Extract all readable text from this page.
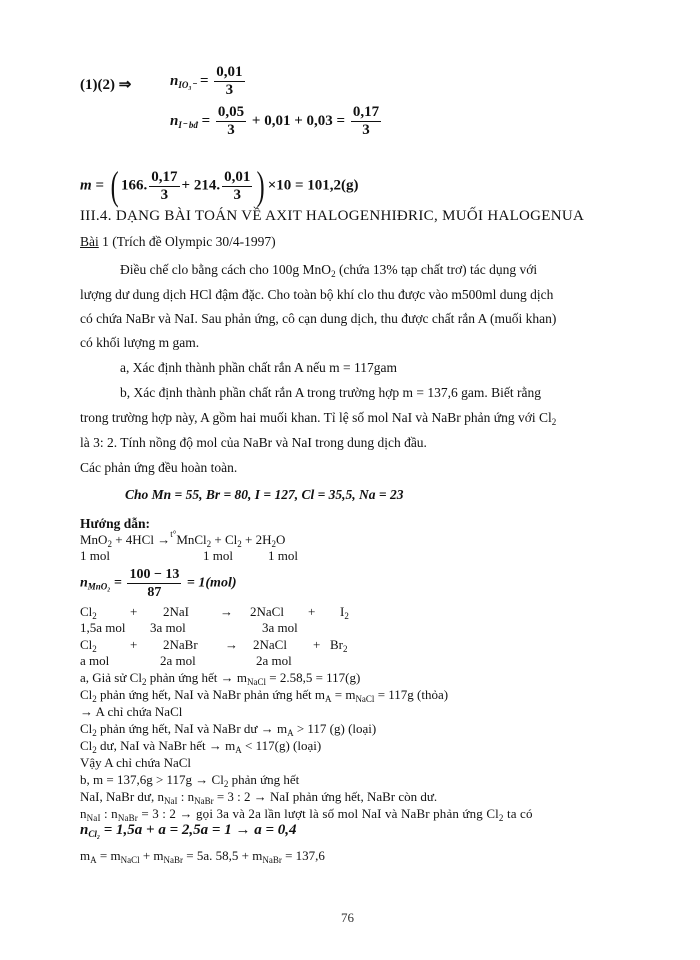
(1)(2) ⇒	$n_{IO_3^-} = \frac{0,01}{3}$
$n_{I^- bđ} = \frac{0,05}{3} + 0,01 + 0,03 = \frac{0,17}{3}$
m = ( 166. $\frac{0,17}{3} + 214$. $\frac{0,01}{3}$ ) ×10 = 101,2(g)
III.4. DẠNG BÀI TOÁN VỀ AXIT HALOGENHIĐRIC, MUỐI HALOGENUA
Bài 1 (Trích đề Olympic 30/4-1997)
Điều chế clo bằng cách cho 100g MnO$_2$ (chứa 13% tạp chất trơ) tác dụng với
lượng dư dung dịch HCl đậm đặc. Cho toàn bộ khí clo thu được vào m500ml dung dịch
có chứa NaBr và NaI. Sau phản ứng, cô cạn dung dịch, thu được chất rắn A (muối khan)
có khối lượng m gam.
a, Xác định thành phần chất rắn A nếu m = 117gam
b, Xác định thành phần chất rắn A trong trường hợp m = 137,6 gam. Biết rằng
trong trường hợp này, A gồm hai muối khan. Tỉ lệ số mol NaI và NaBr phản ứng với $Cl_2$
là 3: 2. Tính nồng độ mol của NaBr và NaI trong dung dịch đầu.
Các phản ứng đều hoàn toàn.
Cho Mn = 55, Br = 80, I = 127, Cl = 35,5, Na = 23
Hướng dẫn:
MnO$_2$ + 4HCl →$^{t^\circ}$MnCl$_2$ + $Cl_2 + 2H_2O$
1 mol	1 mol	1 mol
$n_{MnO_2} = \frac{100 - 13}{87} = 1(mol)$
$Cl_2$	+ 2NaI → 2NaCl + $I_2$
1,5a mol 3a mol	3a mol
$Cl_2$	+ 2NaBr → 2NaCl + $Br_2$
a mol	2a mol	2a mol
a, Giả sử $Cl_2$ phản ứng hết → $m_{NaCl} = 2.58,5 = 117(g)$
$Cl_2$ phản ứng hết, NaI và NaBr phản ứng hết $m_A = m_{NaCl} = 117g$ (thỏa)
→ A chỉ chứa NaCl
$Cl_2$ phản ứng hết, NaI và NaBr dư → $m_A > 117$ (g) (loại)
$Cl_2$ dư, NaI và NaBr hết → $m_A < 117(g)$ (loại)
Vậy A chỉ chứa NaCl
b, $m = 137,6g > 117g \to Cl_2$ phản ứng hết
NaI, NaBr dư, $n_{NaI}$ : $n_{NaBr} = 3$ : 2 → NaI phản ứng hết, NaBr còn dư.
$n_{NaI}$ : $n_{NaBr} = 3$ : 2 → gọi 3a và 2a lần lượt là số mol NaI và NaBr phản ứng $Cl_2$ ta có
$n_{Cl_2} = 1,5a + a = 2,5a = 1 \to a = 0,4$
$m_A = m_{NaCl} + m_{NaBr} = 5a$. $58,5 + m_{NaBr} = 137,6$
76
